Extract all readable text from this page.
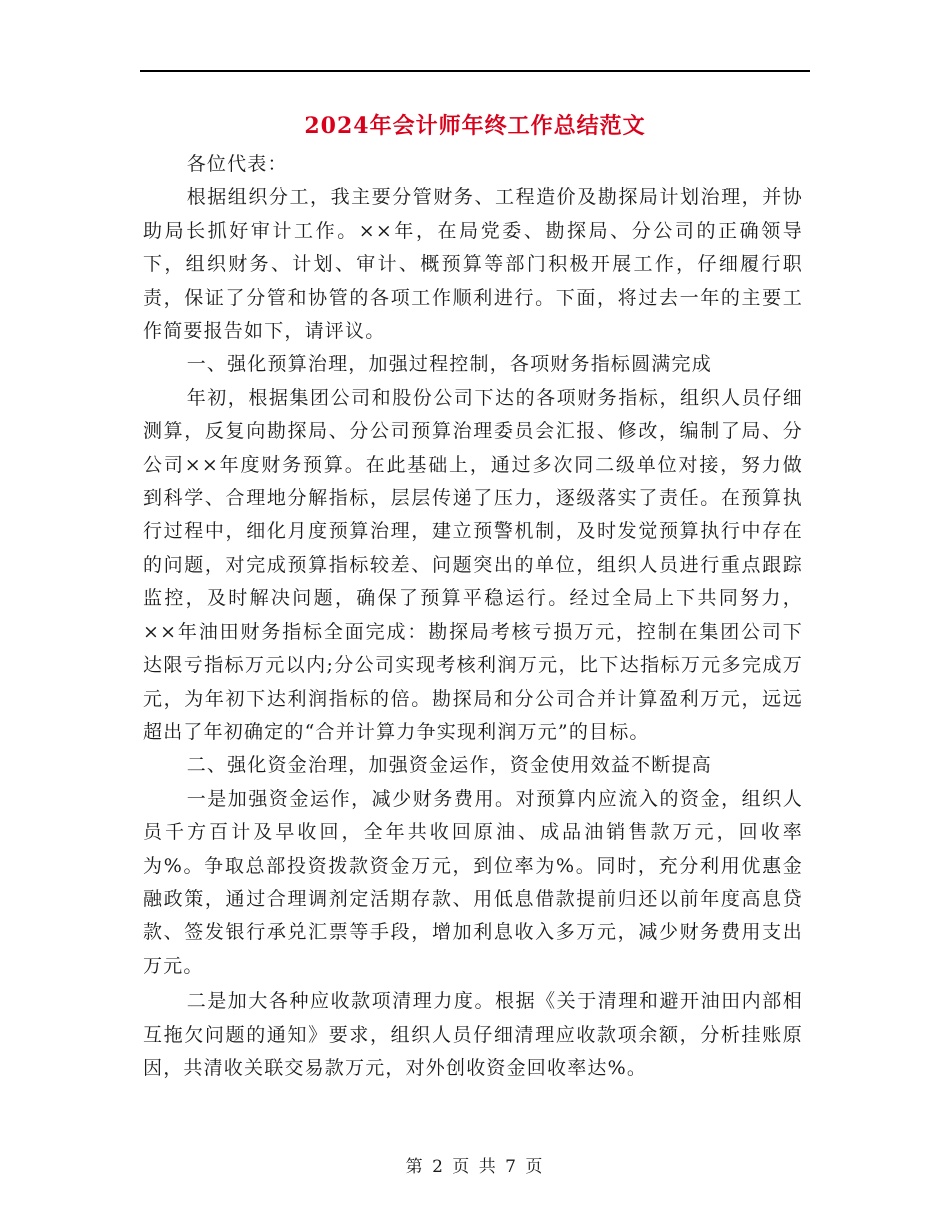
2024年会计师年终工作总结范文

各位代表：

根据组织分工，我主要分管财务、工程造价及勘探局计划治理，并协助局长抓好审计工作。××年，在局党委、勘探局、分公司的正确领导下，组织财务、计划、审计、概预算等部门积极开展工作，仔细履行职责，保证了分管和协管的各项工作顺利进行。下面，将过去一年的主要工作简要报告如下，请评议。

一、强化预算治理，加强过程控制，各项财务指标圆满完成

年初，根据集团公司和股份公司下达的各项财务指标，组织人员仔细测算，反复向勘探局、分公司预算治理委员会汇报、修改，编制了局、分公司××年度财务预算。在此基础上，通过多次同二级单位对接，努力做到科学、合理地分解指标，层层传递了压力，逐级落实了责任。在预算执行过程中，细化月度预算治理，建立预警机制，及时发觉预算执行中存在的问题，对完成预算指标较差、问题突出的单位，组织人员进行重点跟踪监控，及时解决问题，确保了预算平稳运行。经过全局上下共同努力，××年油田财务指标全面完成：勘探局考核亏损万元，控制在集团公司下达限亏指标万元以内;分公司实现考核利润万元，比下达指标万元多完成万元，为年初下达利润指标的倍。勘探局和分公司合并计算盈利万元，远远超出了年初确定的“合并计算力争实现利润万元”的目标。

二、强化资金治理，加强资金运作，资金使用效益不断提高

一是加强资金运作，减少财务费用。对预算内应流入的资金，组织人员千方百计及早收回，全年共收回原油、成品油销售款万元，回收率为%。争取总部投资拨款资金万元，到位率为%。同时，充分利用优惠金融政策，通过合理调剂定活期存款、用低息借款提前归还以前年度高息贷款、签发银行承兑汇票等手段，增加利息收入多万元，减少财务费用支出万元。

二是加大各种应收款项清理力度。根据《关于清理和避开油田内部相互拖欠问题的通知》要求，组织人员仔细清理应收款项余额，分析挂账原因，共清收关联交易款万元，对外创收资金回收率达%。

第 2 页 共 7 页
